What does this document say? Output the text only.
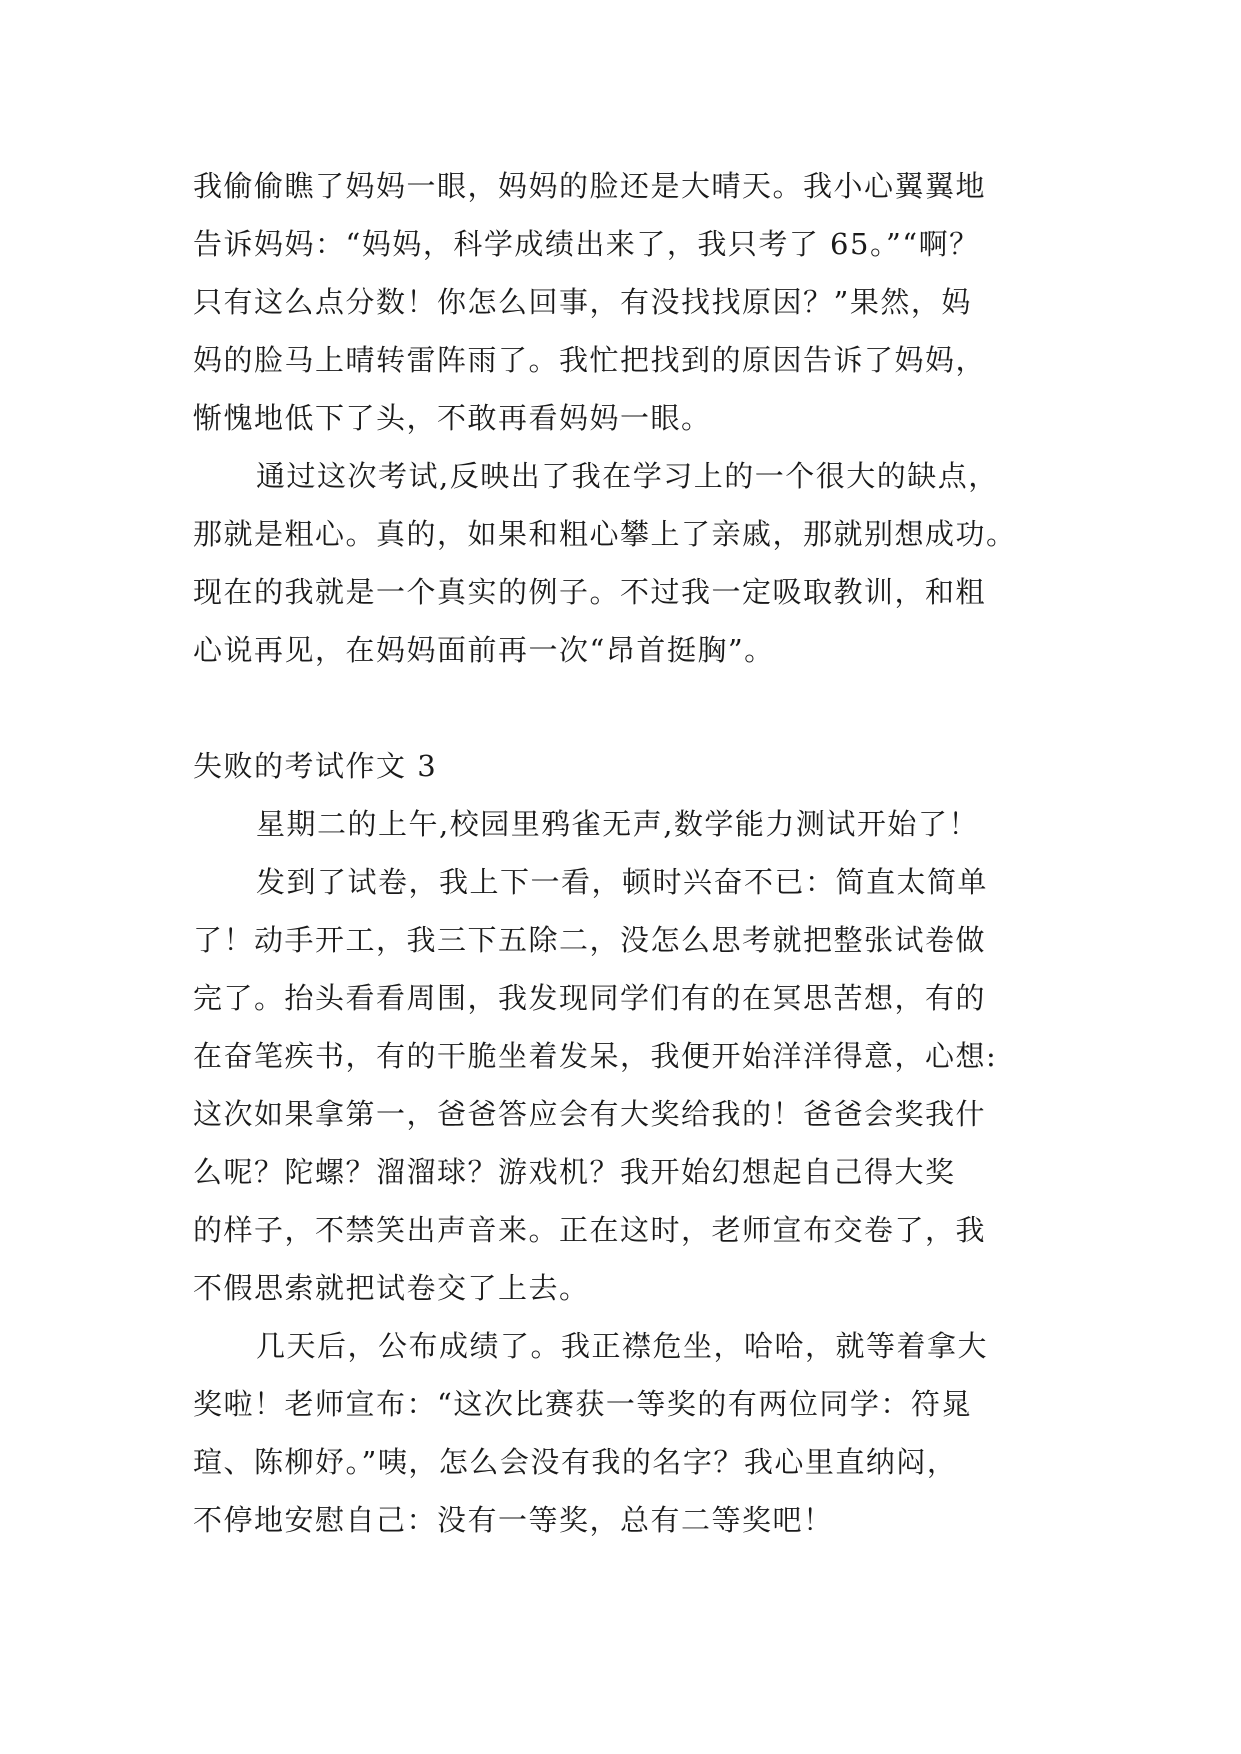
我偷偷瞧了妈妈一眼，妈妈的脸还是大晴天。我小心翼翼地
告诉妈妈：“妈妈，科学成绩出来了，我只考了 65。”“啊？
只有这么点分数！你怎么回事，有没找找原因？”果然，妈
妈的脸马上晴转雷阵雨了。我忙把找到的原因告诉了妈妈，
惭愧地低下了头，不敢再看妈妈一眼。
通过这次考试,反映出了我在学习上的一个很大的缺点，
那就是粗心。真的，如果和粗心攀上了亲戚，那就别想成功。
现在的我就是一个真实的例子。不过我一定吸取教训，和粗
心说再见，在妈妈面前再一次“昂首挺胸”。
失败的考试作文 3
星期二的上午,校园里鸦雀无声,数学能力测试开始了！
发到了试卷，我上下一看，顿时兴奋不已：简直太简单
了！动手开工，我三下五除二，没怎么思考就把整张试卷做
完了。抬头看看周围，我发现同学们有的在冥思苦想，有的
在奋笔疾书，有的干脆坐着发呆，我便开始洋洋得意，心想:
这次如果拿第一，爸爸答应会有大奖给我的！爸爸会奖我什
么呢？陀螺？溜溜球？游戏机？我开始幻想起自己得大奖
的样子，不禁笑出声音来。正在这时，老师宣布交卷了，我
不假思索就把试卷交了上去。
几天后，公布成绩了。我正襟危坐，哈哈，就等着拿大
奖啦！老师宣布：“这次比赛获一等奖的有两位同学：符晁
瑄、陈柳妤。”咦，怎么会没有我的名字？我心里直纳闷，
不停地安慰自己：没有一等奖，总有二等奖吧！
